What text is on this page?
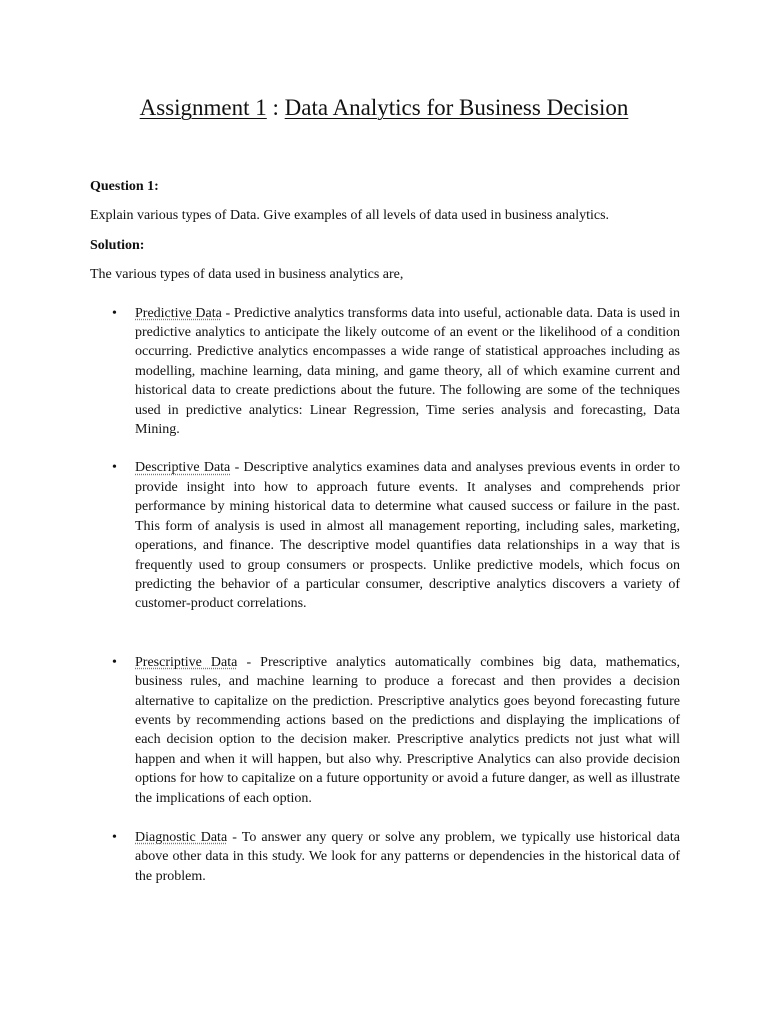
Assignment 1 : Data Analytics for Business Decision

Question 1:

Explain various types of Data. Give examples of all levels of data used in business analytics.

Solution:

The various types of data used in business analytics are,

• Predictive Data - Predictive analytics transforms data into useful, actionable data. Data is used in predictive analytics to anticipate the likely outcome of an event or the likelihood of a condition occurring. Predictive analytics encompasses a wide range of statistical approaches including as modelling, machine learning, data mining, and game theory, all of which examine current and historical data to create predictions about the future. The following are some of the techniques used in predictive analytics: Linear Regression, Time series analysis and forecasting, Data Mining.
• Descriptive Data - Descriptive analytics examines data and analyses previous events in order to provide insight into how to approach future events. It analyses and comprehends prior performance by mining historical data to determine what caused success or failure in the past. This form of analysis is used in almost all management reporting, including sales, marketing, operations, and finance. The descriptive model quantifies data relationships in a way that is frequently used to group consumers or prospects. Unlike predictive models, which focus on predicting the behavior of a particular consumer, descriptive analytics discovers a variety of customer-product correlations.
• Prescriptive Data - Prescriptive analytics automatically combines big data, mathematics, business rules, and machine learning to produce a forecast and then provides a decision alternative to capitalize on the prediction. Prescriptive analytics goes beyond forecasting future events by recommending actions based on the predictions and displaying the implications of each decision option to the decision maker. Prescriptive analytics predicts not just what will happen and when it will happen, but also why. Prescriptive Analytics can also provide decision options for how to capitalize on a future opportunity or avoid a future danger, as well as illustrate the implications of each option.
• Diagnostic Data - To answer any query or solve any problem, we typically use historical data above other data in this study. We look for any patterns or dependencies in the historical data of the problem.
